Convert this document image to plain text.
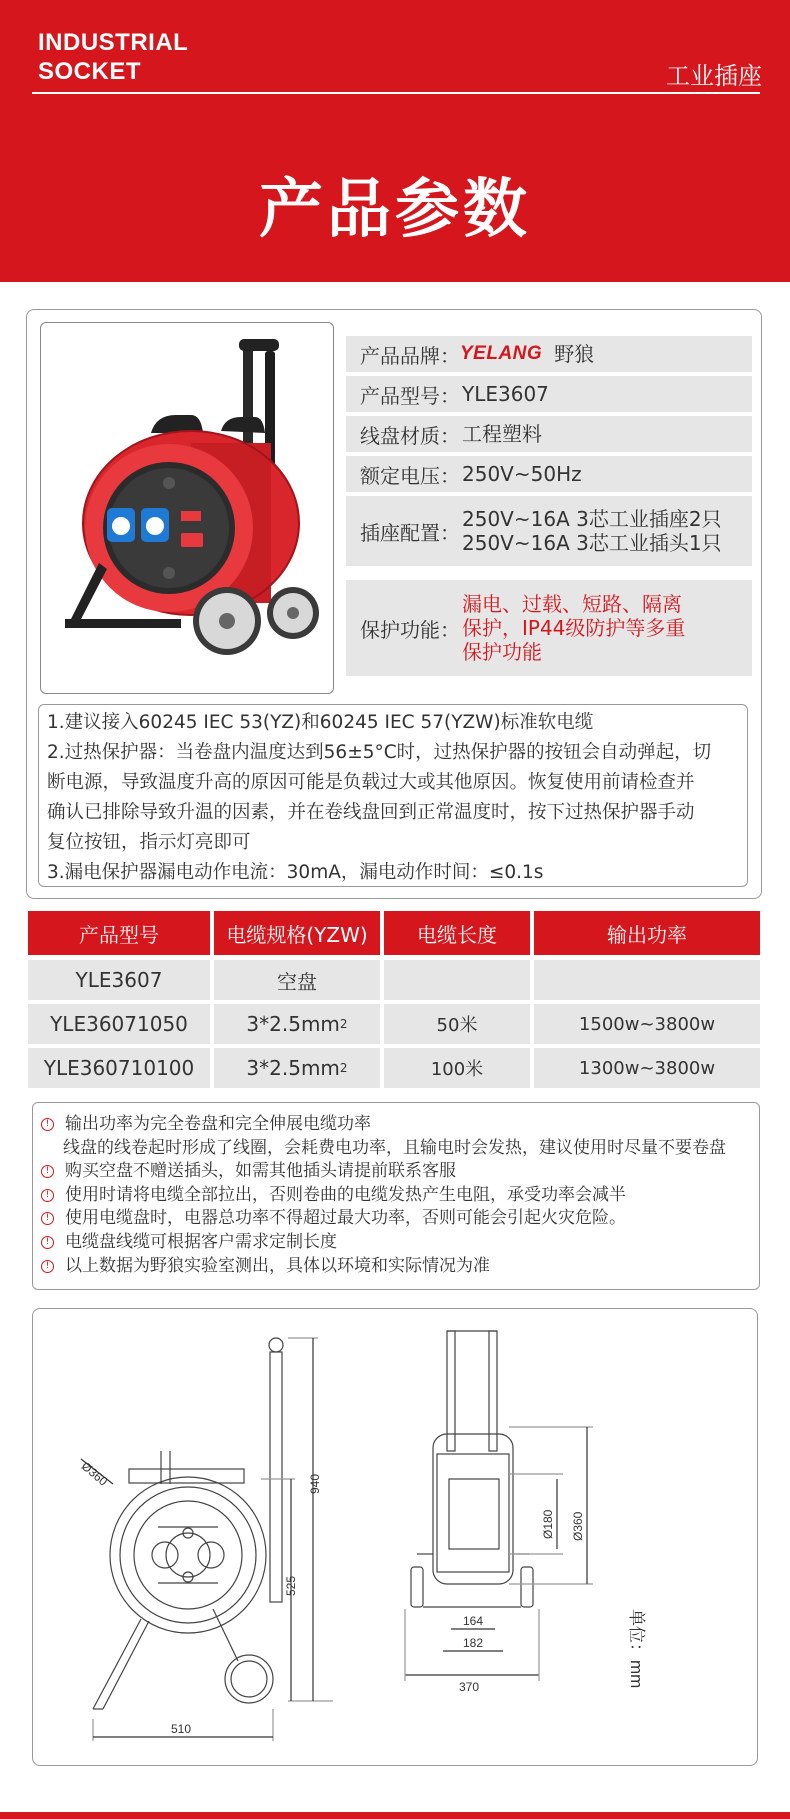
INDUSTRIAL
SOCKET	工业插座
产品参数
产品品牌： YELANG 野狼
产品型号： YLE3607
线盘材质： 工程塑料
额定电压： 250V~50Hz
插座配置：
250V~16A 3芯工业插座2只
250V~16A 3芯工业插头1只
保护功能：
漏电、过载、短路、隔离
保护，IP44级防护等多重
保护功能
1.建议接入60245 IEC 53(YZ)和60245 IEC 57(YZW)标准软电缆
2.过热保护器：当卷盘内温度达到56±5°C时，过热保护器的按钮会自动弹起，切
断电源，导致温度升高的原因可能是负载过大或其他原因。恢复使用前请检查并
确认已排除导致升温的因素，并在卷线盘回到正常温度时，按下过热保护器手动
复位按钮，指示灯亮即可
3.漏电保护器漏电动作电流：30mA，漏电动作时间：≤0.1s
产品型号	电缆规格(YZW)	电缆长度	输出功率
YLE3607	空盘
YLE36071050	3*2.5mm 2	50米	1500w~3800w
YLE360710100	3*2.5mm 2	100米	1300w~3800w
! 输出功率为完全卷盘和完全伸展电缆功率
线盘的线卷起时形成了线圈，会耗费电功率，且输电时会发热，建议使用时尽量不要卷盘
! 购买空盘不赠送插头，如需其他插头请提前联系客服
! 使用时请将电缆全部拉出，否则卷曲的电缆发热产生电阻，承受功率会减半
! 使用电缆盘时，电器总功率不得超过最大功率，否则可能会引起火灾危险。
! 电缆盘线缆可根据客户需求定制长度
! 以上数据为野狼实验室测出，具体以环境和实际情况为准
Ø360	940
525
510
Ø180 Ø360
164
182
370	单位：mm
